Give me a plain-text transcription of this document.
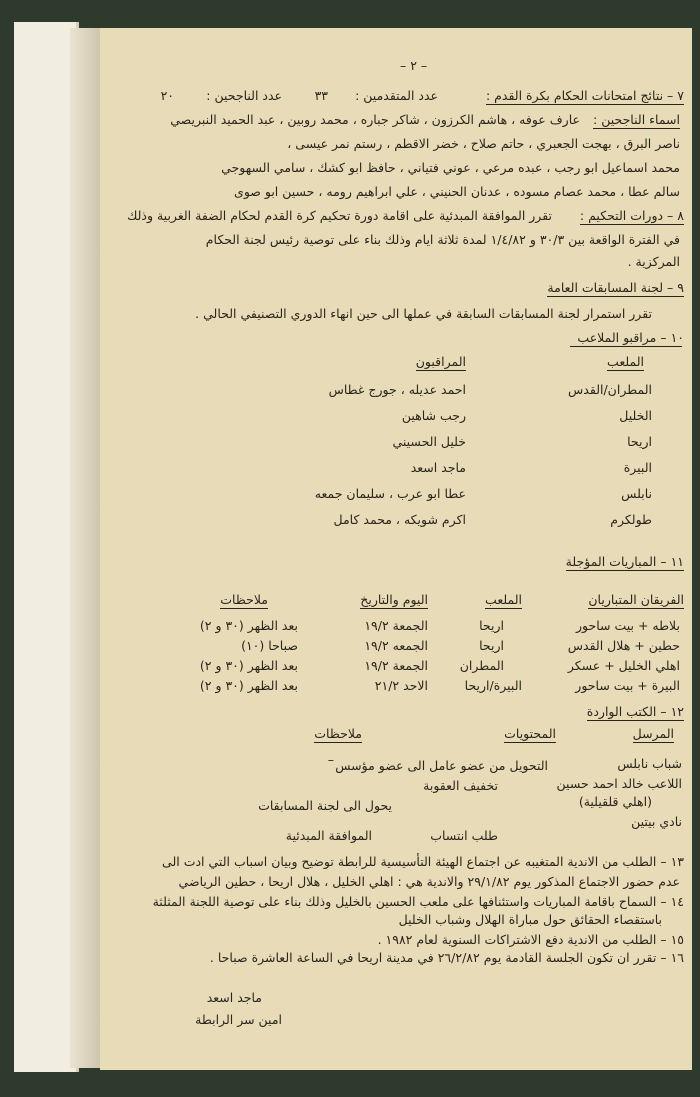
– ٢ –
٧ – نتائج امتحانات الحكام بكرة القدم :
عدد المتقدمين :
٣٣
عدد الناجحين :
٢٠
اسماء الناجحين :
عارف عوفه ، هاشم الكرزون ، شاكر جباره ، محمد روبين ، عبد الحميد النبريصي
ناصر البرق ، بهجت الجعبري ، حاتم صلاح ، خضر الاقطم ، رستم نمر عيسى ،
محمد اسماعيل ابو رجب ، عبده مرعي ، عوني فتياني ، حافظ ابو كشك ، سامي السهوجي
سالم عطا ، محمد عصام مسوده ، عدنان الحنيني ، علي ابراهيم رومه ، حسين ابو صوى
٨ – دورات التحكيم :
تقرر الموافقة المبدئية على اقامة دورة تحكيم كرة القدم لحكام الضفة الغربية وذلك
في الفترة الواقعة بين ٣٠/٣ و ١/٤/٨٢ لمدة ثلاثة ايام وذلك بناء على توصية رئيس لجنة الحكام
المركزية .
٩ – لجنة المسابقات العامة
تقرر استمرار لجنة المسابقات السابقة في عملها الى حين انهاء الدوري التصنيفي الحالي .
١٠ – مراقبو الملاعب
الملعب
المراقبون
المطران/القدس
احمد عديله ، جورج غطاس
الخليل
رجب شاهين
اريحا
خليل الحسيني
البيرة
ماجد اسعد
نابلس
عطا ابو عرب ، سليمان جمعه
طولكرم
اكرم شويكه ، محمد كامل
١١ – المباريات المؤجلة
الفريقان المتباريان
الملعب
اليوم والتاريخ
ملاحظات
بلاطه + بيت ساحور
اريحا
الجمعة ١٩/٢
بعد الظهر (٣٠ و ٢)
حطين + هلال القدس
اريحا
الجمعه ١٩/٢
صباحا (١٠)
اهلي الخليل + عسكر
المطران
الجمعة ١٩/٢
بعد الظهر (٣٠ و ٢)
البيرة + بيت ساحور
البيرة/اريحا
الاحد ٢١/٢
بعد الظهر (٣٠ و ٢)
١٢ – الكتب الواردة
المرسل
المحتويات
ملاحظات
شباب نابلس
التحويل من عضو عامل الى عضو مؤسس
–
اللاعب خالد احمد حسين
تخفيف العقوبة
يحول الى لجنة المسابقات	(اهلي قلقيلية)
نادي بيتين
طلب انتساب
الموافقة المبدئية
١٣ – الطلب من الاندية المتغيبه عن اجتماع الهيئة التأسيسية للرابطة توضيح وبيان اسباب التي ادت الى
عدم حضور الاجتماع المذكور يوم ٢٩/١/٨٢ والاندية هي : اهلي الخليل ، هلال اريحا ، حطين الرياضي
١٤ – السماح باقامة المباريات واستئنافها على ملعب الحسين بالخليل وذلك بناء على توصية اللجنة المثلثة
باستقصاء الحقائق حول مباراة الهلال وشباب الخليل
١٥ – الطلب من الاندية دفع الاشتراكات السنوية لعام ١٩٨٢ .
١٦ – تقرر ان تكون الجلسة القادمة يوم ٢٦/٢/٨٢ في مدينة اريحا في الساعة العاشرة صباحا .
ماجد اسعد
امين سر الرابطة
